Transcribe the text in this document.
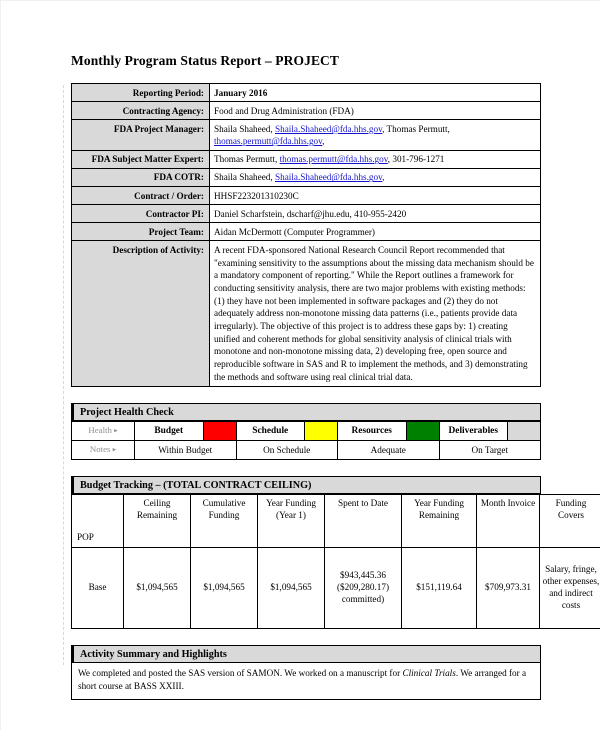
Monthly Program Status Report – PROJECT
Reporting Period:	January 2016
Contracting Agency:	Food and Drug Administration (FDA)
FDA Project Manager:	Shaila Shaheed, Shaila.Shaheed@fda.hhs.gov, Thomas Permutt, thomas.permutt@fda.hhs.gov,
FDA Subject Matter Expert:	Thomas Permutt, thomas.permutt@fda.hhs.gov, 301-796-1271
FDA COTR:	Shaila Shaheed, Shaila.Shaheed@fda.hhs.gov,
Contract / Order:	HHSF223201310230C
Contractor PI:	Daniel Scharfstein, dscharf@jhu.edu, 410-955-2420
Project Team:	Aidan McDermott (Computer Programmer)
Description of Activity:	A recent FDA-sponsored National Research Council Report recommended that "examining sensitivity to the assumptions about the missing data mechanism should be a mandatory component of reporting." While the Report outlines a framework for conducting sensitivity analysis, there are two major problems with existing methods: (1) they have not been implemented in software packages and (2) they do not adequately address non-monotone missing data patterns (i.e., patients provide data irregularly). The objective of this project is to address these gaps by: 1) creating unified and coherent methods for global sensitivity analysis of clinical trials with monotone and non-monotone missing data, 2) developing free, open source and reproducible software in SAS and R to implement the methods, and 3) demonstrating the methods and software using real clinical trial data.
Project Health Check
Health ▸	Budget		Schedule		Resources		Deliverables	
Notes ▸	Within Budget		On Schedule		Adequate		On Target	
Budget Tracking – (TOTAL CONTRACT CEILING)
POP	Ceiling Remaining	Cumulative Funding	Year Funding (Year 1)	Spent to Date	Year Funding Remaining	Month Invoice	Funding Covers
Base	$1,094,565	$1,094,565	$1,094,565	$943,445.36
($209,280.17)
committed)	$151,119.64	$709,973.31	Salary, fringe, other expenses, and indirect costs
Activity Summary and Highlights
We completed and posted the SAS version of SAMON. We worked on a manuscript for Clinical Trials. We arranged for a short course at BASS XXIII.
